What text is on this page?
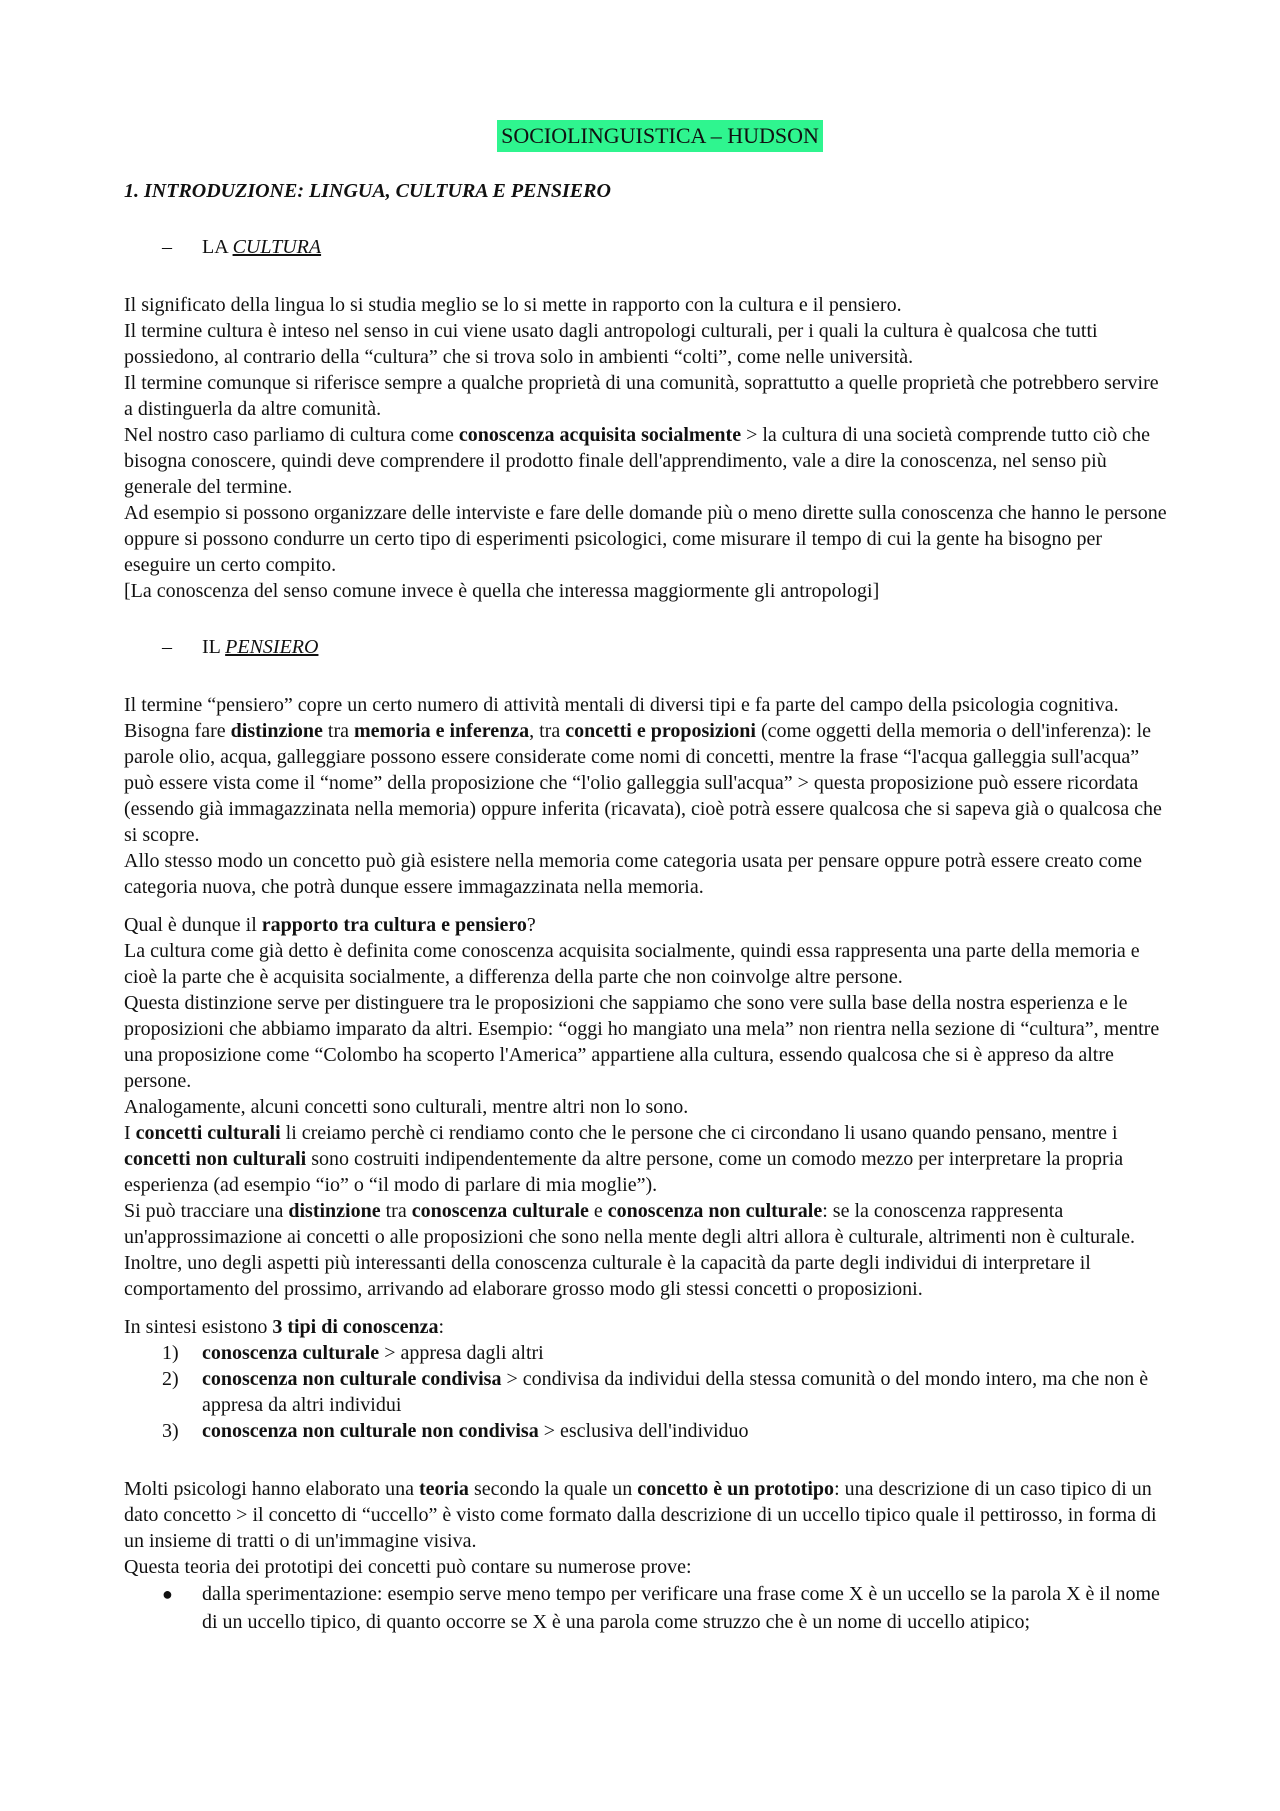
SOCIOLINGUISTICA – HUDSON
1. INTRODUZIONE: LINGUA, CULTURA E PENSIERO
–	LA CULTURA

Il significato della lingua lo si studia meglio se lo si mette in rapporto con la cultura e il pensiero.

Il termine cultura è inteso nel senso in cui viene usato dagli antropologi culturali, per i quali la cultura è qualcosa che tutti possiedono, al contrario della “cultura” che si trova solo in ambienti “colti”, come nelle università.

Il termine comunque si riferisce sempre a qualche proprietà di una comunità, soprattutto a quelle proprietà che potrebbero servire a distinguerla da altre comunità.

Nel nostro caso parliamo di cultura come conoscenza acquisita socialmente > la cultura di una società comprende tutto ciò che bisogna conoscere, quindi deve comprendere il prodotto finale dell'apprendimento, vale a dire la conoscenza, nel senso più generale del termine.

Ad esempio si possono organizzare delle interviste e fare delle domande più o meno dirette sulla conoscenza che hanno le persone oppure si possono condurre un certo tipo di esperimenti psicologici, come misurare il tempo di cui la gente ha bisogno per eseguire un certo compito.

[La conoscenza del senso comune invece è quella che interessa maggiormente gli antropologi]

–	IL PENSIERO

Il termine “pensiero” copre un certo numero di attività mentali di diversi tipi e fa parte del campo della psicologia cognitiva.

Bisogna fare distinzione tra memoria e inferenza, tra concetti e proposizioni (come oggetti della memoria o dell'inferenza): le parole olio, acqua, galleggiare possono essere considerate come nomi di concetti, mentre la frase “l'acqua galleggia sull'acqua” può essere vista come il “nome” della proposizione che “l'olio galleggia sull'acqua” > questa proposizione può essere ricordata (essendo già immagazzinata nella memoria) oppure inferita (ricavata), cioè potrà essere qualcosa che si sapeva già o qualcosa che si scopre.

Allo stesso modo un concetto può già esistere nella memoria come categoria usata per pensare oppure potrà essere creato come categoria nuova, che potrà dunque essere immagazzinata nella memoria.

Qual è dunque il rapporto tra cultura e pensiero?

La cultura come già detto è definita come conoscenza acquisita socialmente, quindi essa rappresenta una parte della memoria e cioè la parte che è acquisita socialmente, a differenza della parte che non coinvolge altre persone.

Questa distinzione serve per distinguere tra le proposizioni che sappiamo che sono vere sulla base della nostra esperienza e le proposizioni che abbiamo imparato da altri. Esempio: “oggi ho mangiato una mela” non rientra nella sezione di “cultura”, mentre una proposizione come “Colombo ha scoperto l'America” appartiene alla cultura, essendo qualcosa che si è appreso da altre persone.

Analogamente, alcuni concetti sono culturali, mentre altri non lo sono.

I concetti culturali li creiamo perchè ci rendiamo conto che le persone che ci circondano li usano quando pensano, mentre i concetti non culturali sono costruiti indipendentemente da altre persone, come un comodo mezzo per interpretare la propria esperienza (ad esempio “io” o “il modo di parlare di mia moglie”).

Si può tracciare una distinzione tra conoscenza culturale e conoscenza non culturale: se la conoscenza rappresenta un'approssimazione ai concetti o alle proposizioni che sono nella mente degli altri allora è culturale, altrimenti non è culturale. Inoltre, uno degli aspetti più interessanti della conoscenza culturale è la capacità da parte degli individui di interpretare il comportamento del prossimo, arrivando ad elaborare grosso modo gli stessi concetti o proposizioni.

In sintesi esistono 3 tipi di conoscenza:

1)	conoscenza culturale > appresa dagli altri
2)	conoscenza non culturale condivisa > condivisa da individui della stessa comunità o del mondo intero, ma che non è appresa da altri individui
3)	conoscenza non culturale non condivisa > esclusiva dell'individuo

Molti psicologi hanno elaborato una teoria secondo la quale un concetto è un prototipo: una descrizione di un caso tipico di un dato concetto > il concetto di “uccello” è visto come formato dalla descrizione di un uccello tipico quale il pettirosso, in forma di un insieme di tratti o di un'immagine visiva.

Questa teoria dei prototipi dei concetti può contare su numerose prove:

●	dalla sperimentazione: esempio serve meno tempo per verificare una frase come X è un uccello se la parola X è il nome di un uccello tipico, di quanto occorre se X è una parola come struzzo che è un nome di uccello atipico;
